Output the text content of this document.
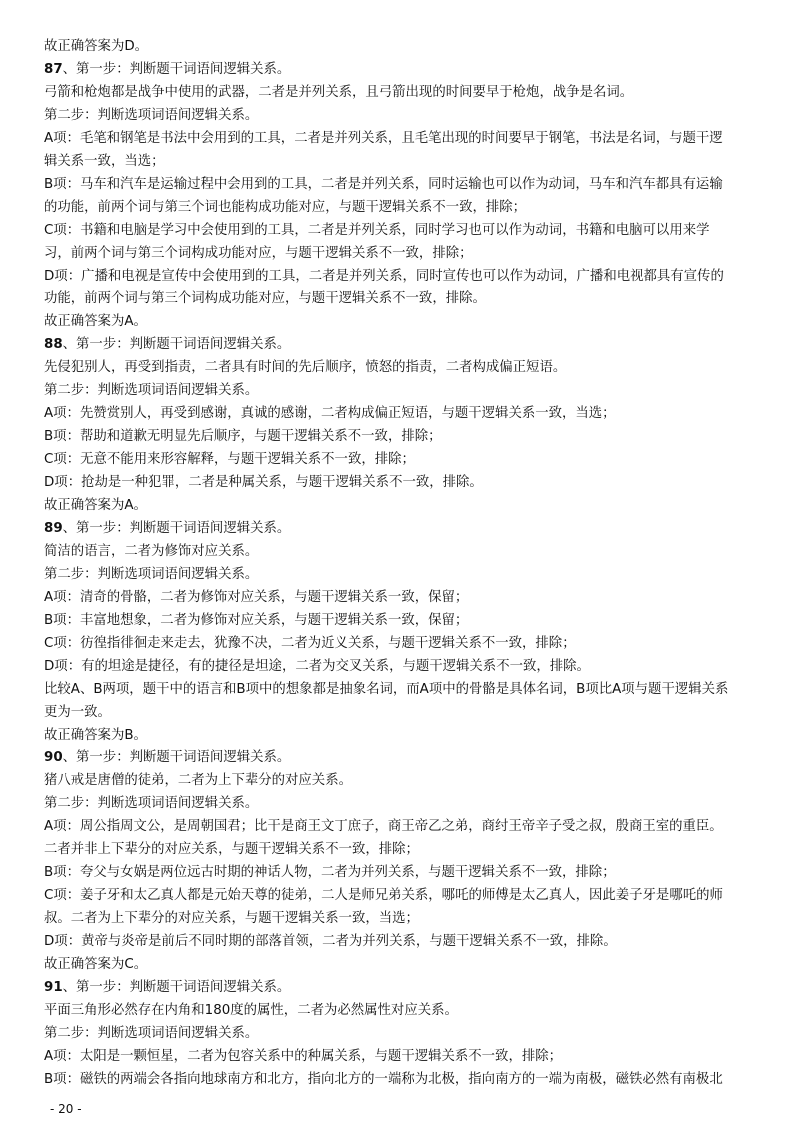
故正确答案为D。
87、第一步：判断题干词语间逻辑关系。
弓箭和枪炮都是战争中使用的武器，二者是并列关系，且弓箭出现的时间要早于枪炮，战争是名词。
第二步：判断选项词语间逻辑关系。
A项：毛笔和钢笔是书法中会用到的工具，二者是并列关系，且毛笔出现的时间要早于钢笔，书法是名词，与题干逻
辑关系一致，当选；
B项：马车和汽车是运输过程中会用到的工具，二者是并列关系，同时运输也可以作为动词，马车和汽车都具有运输
的功能，前两个词与第三个词也能构成功能对应，与题干逻辑关系不一致，排除；
C项：书籍和电脑是学习中会使用到的工具，二者是并列关系，同时学习也可以作为动词，书籍和电脑可以用来学
习，前两个词与第三个词构成功能对应，与题干逻辑关系不一致，排除；
D项：广播和电视是宣传中会使用到的工具，二者是并列关系，同时宣传也可以作为动词，广播和电视都具有宣传的
功能，前两个词与第三个词构成功能对应，与题干逻辑关系不一致，排除。
故正确答案为A。
88、第一步：判断题干词语间逻辑关系。
先侵犯别人，再受到指责，二者具有时间的先后顺序，愤怒的指责，二者构成偏正短语。
第二步：判断选项词语间逻辑关系。
A项：先赞赏别人，再受到感谢，真诚的感谢，二者构成偏正短语，与题干逻辑关系一致，当选；
B项：帮助和道歉无明显先后顺序，与题干逻辑关系不一致，排除；
C项：无意不能用来形容解释，与题干逻辑关系不一致，排除；
D项：抢劫是一种犯罪，二者是种属关系，与题干逻辑关系不一致，排除。
故正确答案为A。
89、第一步：判断题干词语间逻辑关系。
简洁的语言，二者为修饰对应关系。
第二步：判断选项词语间逻辑关系。
A项：清奇的骨骼，二者为修饰对应关系，与题干逻辑关系一致，保留；
B项：丰富地想象，二者为修饰对应关系，与题干逻辑关系一致，保留；
C项：彷徨指徘徊走来走去，犹豫不决，二者为近义关系，与题干逻辑关系不一致，排除；
D项：有的坦途是捷径，有的捷径是坦途，二者为交叉关系，与题干逻辑关系不一致，排除。
比较A、B两项，题干中的语言和B项中的想象都是抽象名词，而A项中的骨骼是具体名词，B项比A项与题干逻辑关系
更为一致。
故正确答案为B。
90、第一步：判断题干词语间逻辑关系。
猪八戒是唐僧的徒弟，二者为上下辈分的对应关系。
第二步：判断选项词语间逻辑关系。
A项：周公指周文公，是周朝国君；比干是商王文丁庶子，商王帝乙之弟，商纣王帝辛子受之叔，殷商王室的重臣。
二者并非上下辈分的对应关系，与题干逻辑关系不一致，排除；
B项：夸父与女娲是两位远古时期的神话人物，二者为并列关系，与题干逻辑关系不一致，排除；
C项：姜子牙和太乙真人都是元始天尊的徒弟，二人是师兄弟关系，哪吒的师傅是太乙真人，因此姜子牙是哪吒的师
叔。二者为上下辈分的对应关系，与题干逻辑关系一致，当选；
D项：黄帝与炎帝是前后不同时期的部落首领，二者为并列关系，与题干逻辑关系不一致，排除。
故正确答案为C。
91、第一步：判断题干词语间逻辑关系。
平面三角形必然存在内角和180度的属性，二者为必然属性对应关系。
第二步：判断选项词语间逻辑关系。
A项：太阳是一颗恒星，二者为包容关系中的种属关系，与题干逻辑关系不一致，排除；
B项：磁铁的两端会各指向地球南方和北方，指向北方的一端称为北极，指向南方的一端为南极，磁铁必然有南极北
- 20 -
